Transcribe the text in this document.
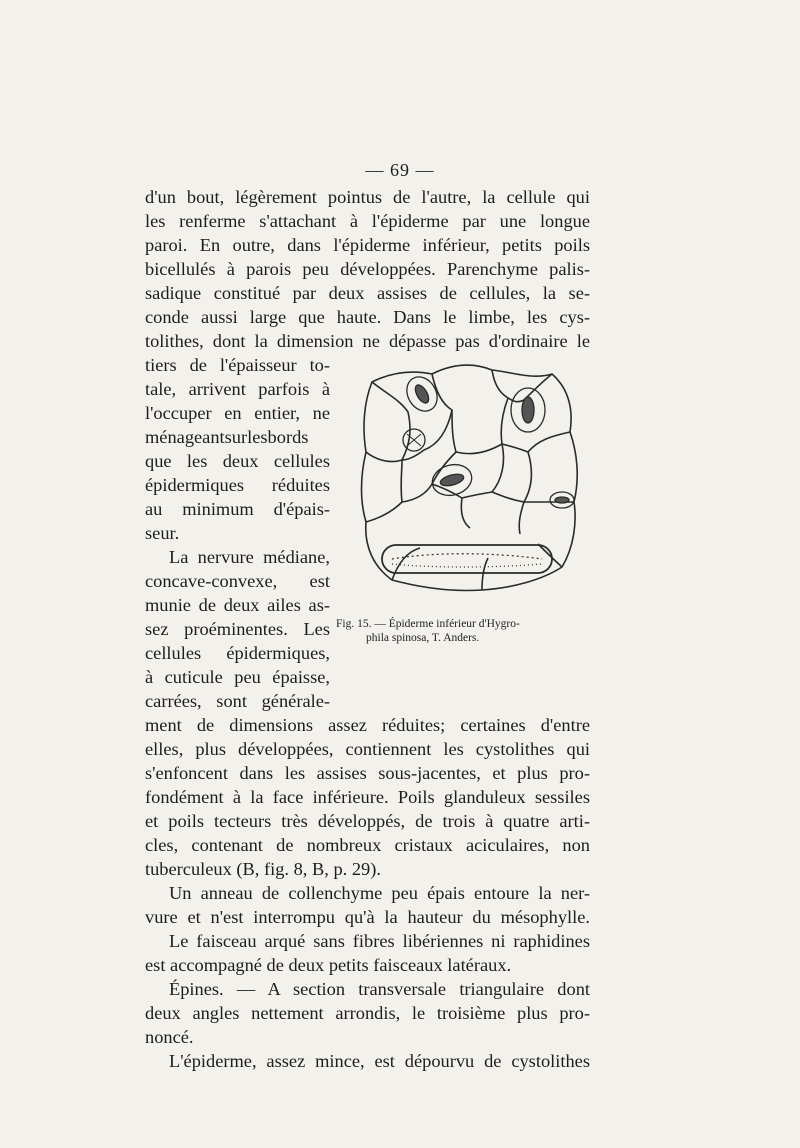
— 69 —
d'un bout, légèrement pointus de l'autre, la cellule qui
les renferme s'attachant à l'épiderme par une longue
paroi. En outre, dans l'épiderme inférieur, petits poils
bicellulés à parois peu développées. Parenchyme palis-
sadique constitué par deux assises de cellules, la se-
conde aussi large que haute. Dans le limbe, les cys-
tolithes, dont la dimension ne dépasse pas d'ordinaire le
tiers de l'épaisseur to-
tale, arrivent parfois à
l'occuper en entier, ne
ménageantsurlesbords
que les deux cellules
épidermiques réduites
au minimum d'épais-
seur.
La nervure médiane,
concave-convexe, est
munie de deux ailes as-
sez proéminentes. Les
cellules épidermiques,
à cuticule peu épaisse,
carrées, sont générale-
Fig. 15. — Épiderme inférieur d'Hygro-
phila spinosa, T. Anders.
ment de dimensions assez réduites; certaines d'entre
elles, plus développées, contiennent les cystolithes qui
s'enfoncent dans les assises sous-jacentes, et plus pro-
fondément à la face inférieure. Poils glanduleux sessiles
et poils tecteurs très développés, de trois à quatre arti-
cles, contenant de nombreux cristaux aciculaires, non
tuberculeux (B, fig. 8, B, p. 29).
Un anneau de collenchyme peu épais entoure la ner-
vure et n'est interrompu qu'à la hauteur du mésophylle.
Le faisceau arqué sans fibres libériennes ni raphidines
est accompagné de deux petits faisceaux latéraux.
Épines. — A section transversale triangulaire dont
deux angles nettement arrondis, le troisième plus pro-
noncé.
L'épiderme, assez mince, est dépourvu de cystolithes
